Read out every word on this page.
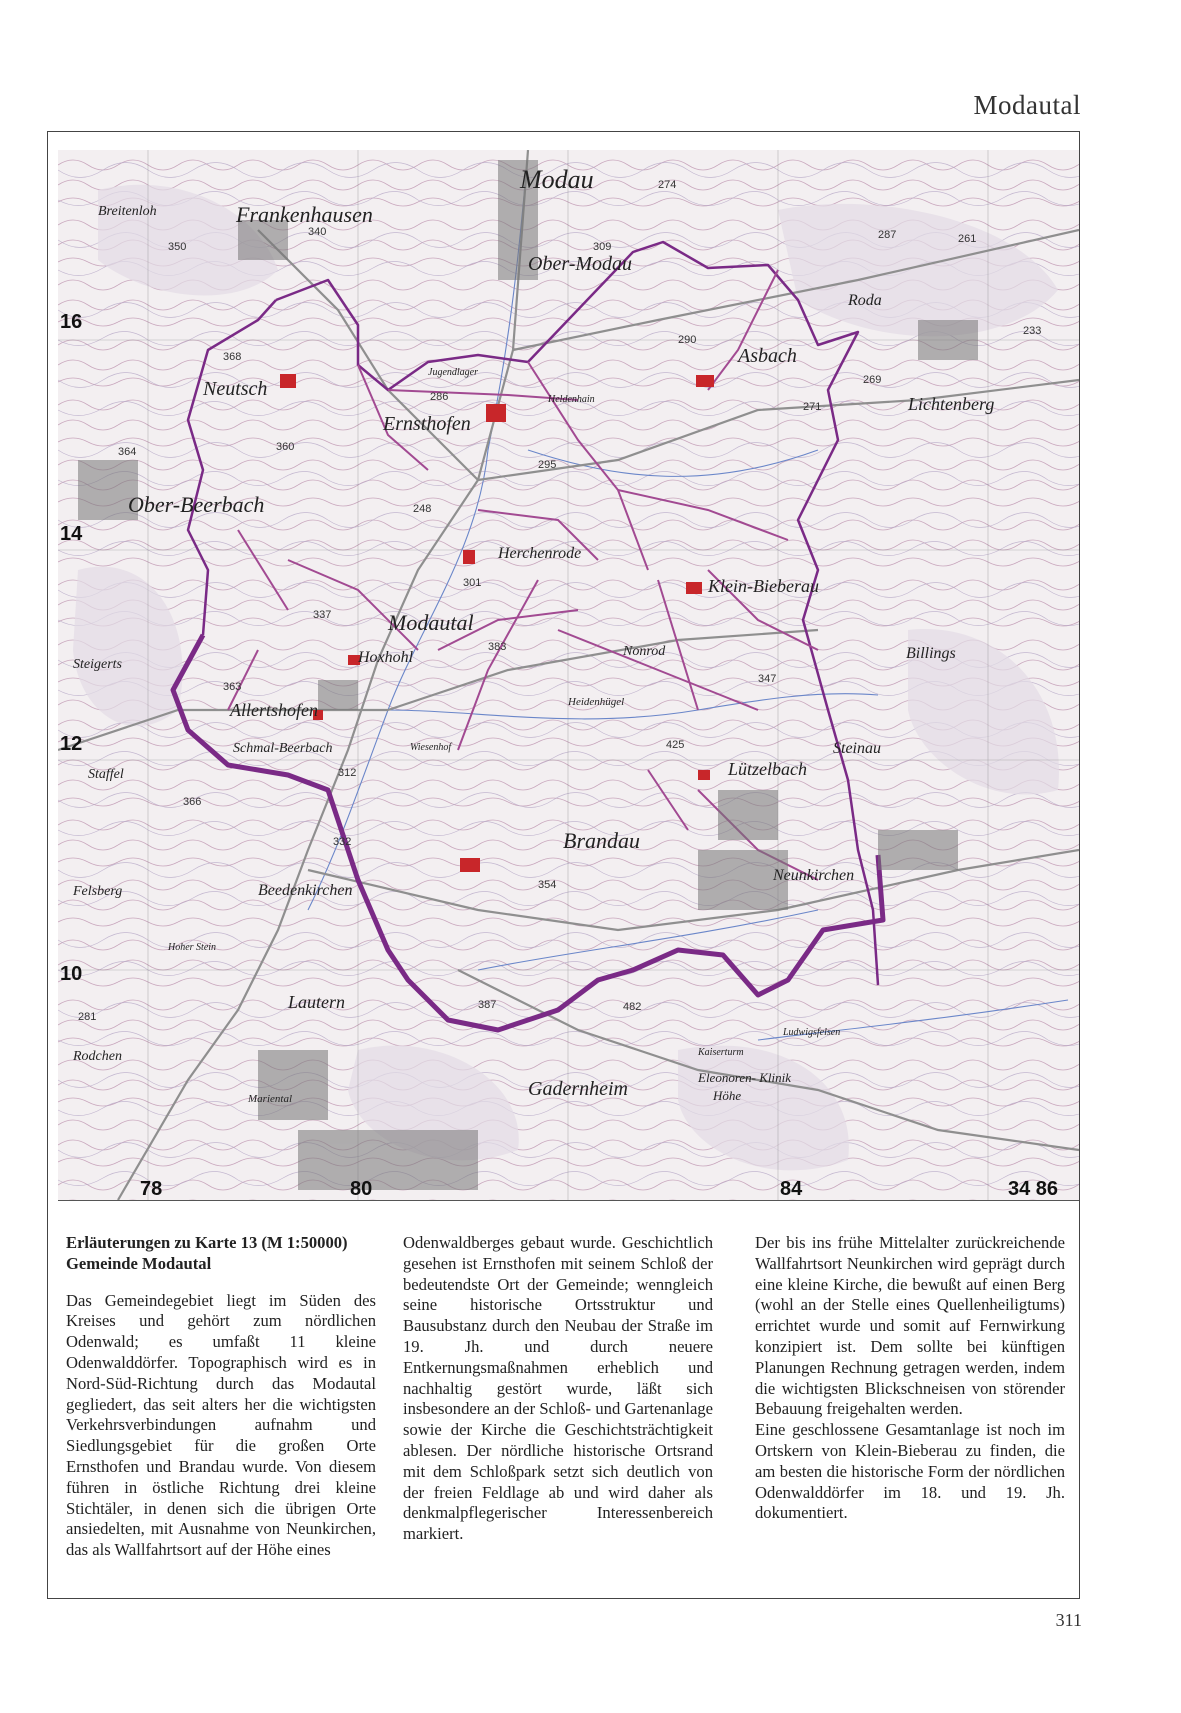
Modautal
Modau
Ober-Modau
Frankenhausen
Breitenloh
Neutsch
Ernsthofen
Asbach
Roda
Ober-Beerbach
Herchenrode
Klein-Bieberau
Modautal
Hoxhohl
Allertshofen
Schmal-Beerbach
Steigerts
Staffel	Lützelbach
Steinau
Brandau
Neunkirchen
Beedenkirchen
Lautern
Gadernheim
Lichtenberg
Billings
Felsberg
Rodchen
Eleonoren- Klinik
Höhe
Jugendlager
Heldenhain
Heidenhügel
Nonrod
Wiesenhof
Hoher Stein
Kaiserturm
Ludwigsfelsen
Mariental
16
14
12
10
78	80	84	34 86
350
340
368
364	360
286
295
248
309
290
269
271
301
337
332
383
363
366
312
354
387	482
425
347
233
281
274
287	261

Erläuterungen zu Karte 13 (M 1:50000)

Gemeinde Modautal

Das Gemeindegebiet liegt im Süden des Kreises und gehört zum nördlichen Odenwald; es umfaßt 11 kleine Odenwalddörfer. Topographisch wird es in Nord-Süd-Richtung durch das Modautal gegliedert, das seit alters her die wichtigsten Verkehrsverbindungen aufnahm und Siedlungsgebiet für die großen Orte Ernsthofen und Brandau wurde. Von diesem führen in östliche Richtung drei kleine Stichtäler, in denen sich die übrigen Orte ansiedelten, mit Ausnahme von Neunkirchen, das als Wallfahrtsort auf der Höhe eines

Odenwaldberges gebaut wurde. Geschichtlich gesehen ist Ernsthofen mit seinem Schloß der bedeutendste Ort der Gemeinde; wenngleich seine historische Ortsstruktur und Bausubstanz durch den Neubau der Straße im 19. Jh. und durch neuere Entkernungsmaßnahmen erheblich und nachhaltig gestört wurde, läßt sich insbesondere an der Schloß- und Gartenanlage sowie der Kirche die Geschichtsträchtigkeit ablesen. Der nördliche historische Ortsrand mit dem Schloßpark setzt sich deutlich von der freien Feldlage ab und wird daher als denkmalpflegerischer Interessenbereich markiert.

Der bis ins frühe Mittelalter zurückreichende Wallfahrtsort Neunkirchen wird geprägt durch eine kleine Kirche, die bewußt auf einen Berg (wohl an der Stelle eines Quellenheiligtums) errichtet wurde und somit auf Fernwirkung konzipiert ist. Dem sollte bei künftigen Planungen Rechnung getragen werden, indem die wichtigsten Blickschneisen von störender Bebauung freigehalten werden.

Eine geschlossene Gesamtanlage ist noch im Ortskern von Klein-Bieberau zu finden, die am besten die historische Form der nördlichen Odenwalddörfer im 18. und 19. Jh. dokumentiert.

311
